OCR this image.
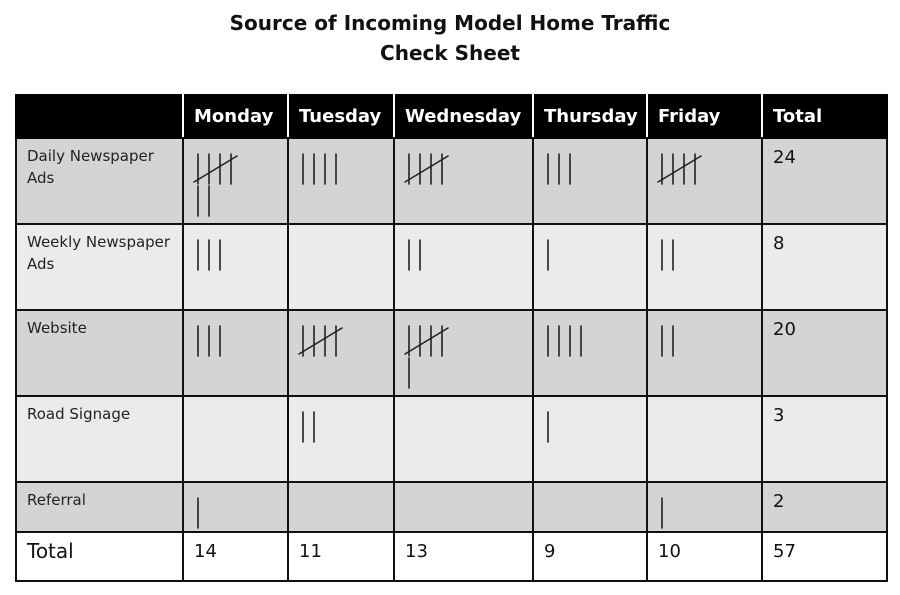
Source of Incoming Model Home Traffic
Check Sheet
	Monday	Tuesday	Wednesday	Thursday	Friday	Total
Daily Newspaper Ads						24
Weekly Newspaper Ads						8
Website						20
Road Signage						3
Referral						2
Total	14	11	13	9	10	57
